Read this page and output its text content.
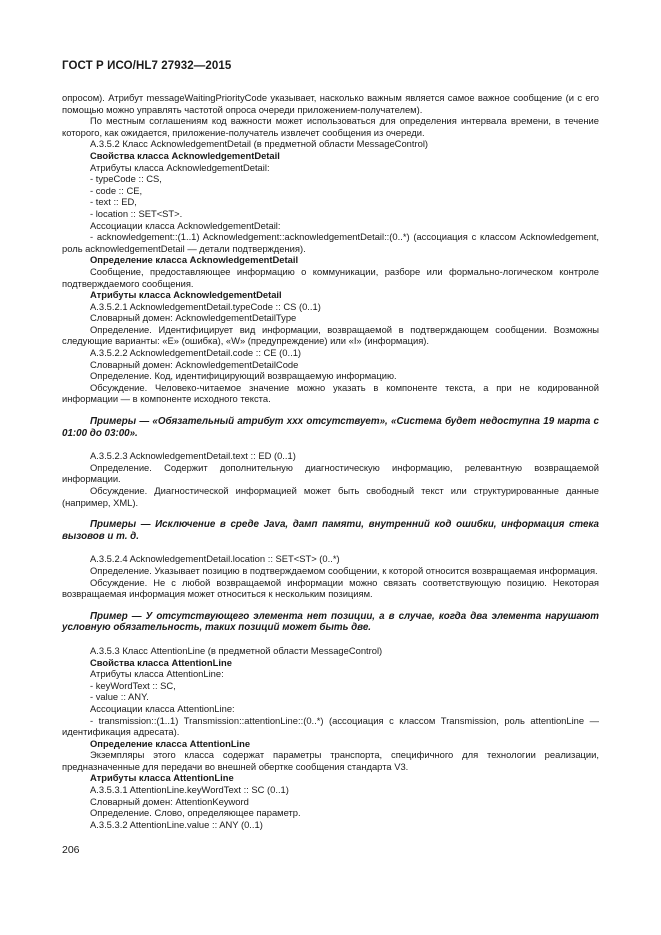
ГОСТ Р ИСО/HL7 27932—2015

опросом). Атрибут messageWaitingPriorityCode указывает, насколько важным является самое важное сообщение (и с его помощью можно управлять частотой опроса очереди приложением-получателем).

По местным соглашениям код важности может использоваться для определения интервала времени, в течение которого, как ожидается, приложение-получатель извлечет сообщения из очереди.

A.3.5.2 Класс AcknowledgementDetail (в предметной области MessageControl)

Свойства класса AcknowledgementDetail

Атрибуты класса AcknowledgementDetail:

- typeCode :: CS,

- code :: CE,

- text :: ED,

- location :: SET<ST>.

Ассоциации класса AcknowledgementDetail:

- acknowledgement::(1..1) Acknowledgement::acknowledgementDetail::(0..*) (ассоциация с классом Acknowledgement, роль acknowledgementDetail — детали подтверждения).

Определение класса AcknowledgementDetail

Сообщение, предоставляющее информацию о коммуникации, разборе или формально-логическом контроле подтверждаемого сообщения.

Атрибуты класса AcknowledgementDetail

A.3.5.2.1 AcknowledgementDetail.typeCode :: CS (0..1)

Словарный домен: AcknowledgementDetailType

Определение. Идентифицирует вид информации, возвращаемой в подтверждающем сообщении. Возможны следующие варианты: «E» (ошибка), «W» (предупреждение) или «I» (информация).

A.3.5.2.2 AcknowledgementDetail.code :: CE (0..1)

Словарный домен: AcknowledgementDetailCode

Определение. Код, идентифицирующий возвращаемую информацию.

Обсуждение. Человеко-читаемое значение можно указать в компоненте текста, а при не кодированной информации — в компоненте исходного текста.

Примеры — «Обязательный атрибут xxx отсутствует», «Система будет недоступна 19 марта с 01:00 до 03:00».

A.3.5.2.3 AcknowledgementDetail.text :: ED (0..1)

Определение. Содержит дополнительную диагностическую информацию, релевантную возвращаемой информации.

Обсуждение. Диагностической информацией может быть свободный текст или структурированные данные (например, XML).

Примеры — Исключение в среде Java, дамп памяти, внутренний код ошибки, информация стека вызовов и т. д.

A.3.5.2.4 AcknowledgementDetail.location :: SET<ST> (0..*)

Определение. Указывает позицию в подтверждаемом сообщении, к которой относится возвращаемая информация.

Обсуждение. Не с любой возвращаемой информации можно связать соответствующую позицию. Некоторая возвращаемая информация может относиться к нескольким позициям.

Пример — У отсутствующего элемента нет позиции, а в случае, когда два элемента нарушают условную обязательность, таких позиций может быть две.

A.3.5.3 Класс AttentionLine (в предметной области MessageControl)

Свойства класса AttentionLine

Атрибуты класса AttentionLine:

- keyWordText :: SC,

- value :: ANY.

Ассоциации класса AttentionLine:

- transmission::(1..1) Transmission::attentionLine::(0..*) (ассоциация с классом Transmission, роль attentionLine — идентификация адресата).

Определение класса AttentionLine

Экземпляры этого класса содержат параметры транспорта, специфичного для технологии реализации, предназначенные для передачи во внешней обертке сообщения стандарта V3.

Атрибуты класса AttentionLine

A.3.5.3.1 AttentionLine.keyWordText :: SC (0..1)

Словарный домен: AttentionKeyword

Определение. Слово, определяющее параметр.

A.3.5.3.2 AttentionLine.value :: ANY (0..1)

206
